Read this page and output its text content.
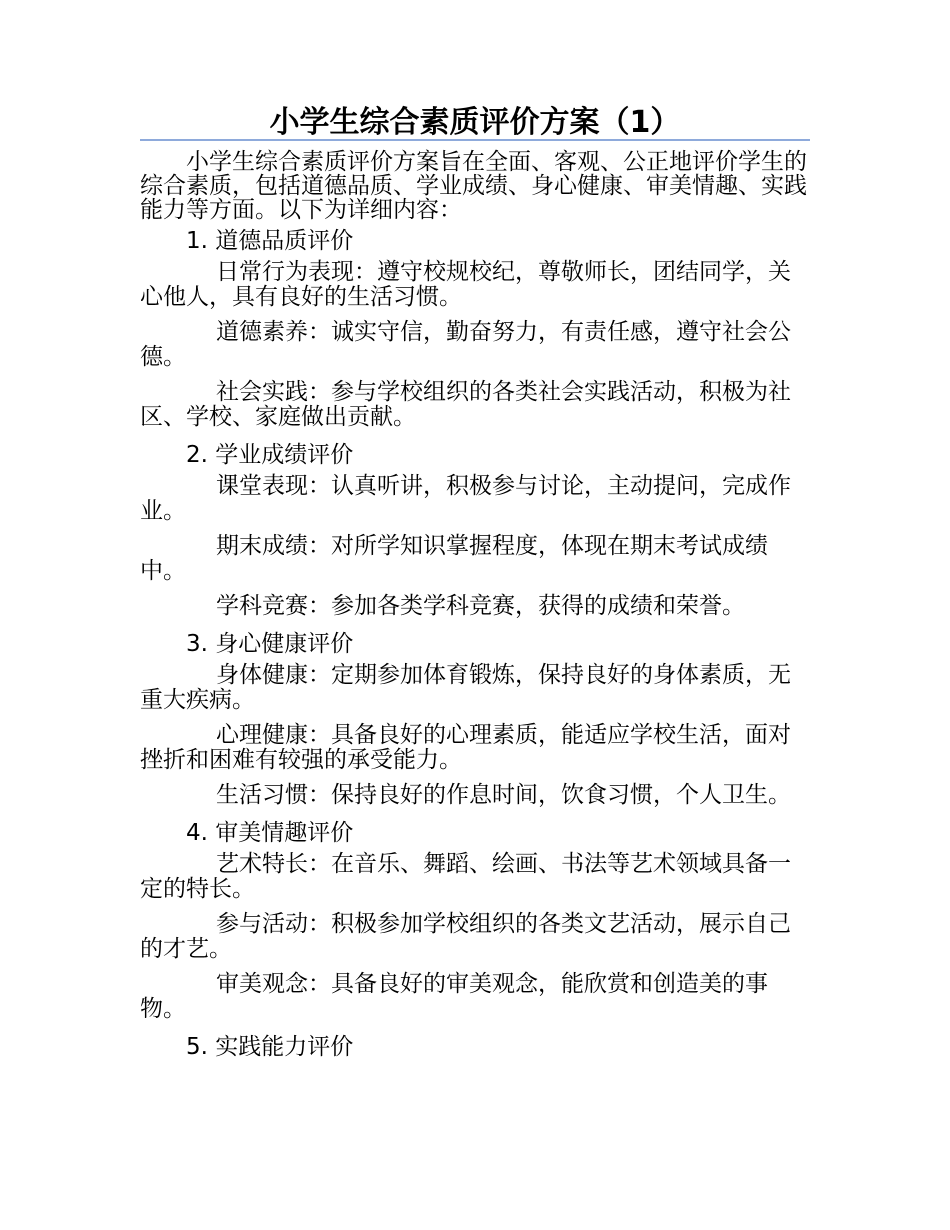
小学生综合素质评价方案（1）

小学生综合素质评价方案旨在全面、客观、公正地评价学生的综合素质，包括道德品质、学业成绩、身心健康、审美情趣、实践能力等方面。以下为详细内容：

1. 道德品质评价

日常行为表现：遵守校规校纪，尊敬师长，团结同学，关心他人，具有良好的生活习惯。

道德素养：诚实守信，勤奋努力，有责任感，遵守社会公德。

社会实践：参与学校组织的各类社会实践活动，积极为社区、学校、家庭做出贡献。

2. 学业成绩评价

课堂表现：认真听讲，积极参与讨论，主动提问，完成作业。

期末成绩：对所学知识掌握程度，体现在期末考试成绩中。

学科竞赛：参加各类学科竞赛，获得的成绩和荣誉。

3. 身心健康评价

身体健康：定期参加体育锻炼，保持良好的身体素质，无重大疾病。

心理健康：具备良好的心理素质，能适应学校生活，面对挫折和困难有较强的承受能力。

生活习惯：保持良好的作息时间，饮食习惯，个人卫生。

4. 审美情趣评价

艺术特长：在音乐、舞蹈、绘画、书法等艺术领域具备一定的特长。

参与活动：积极参加学校组织的各类文艺活动，展示自己的才艺。

审美观念：具备良好的审美观念，能欣赏和创造美的事物。

5. 实践能力评价
